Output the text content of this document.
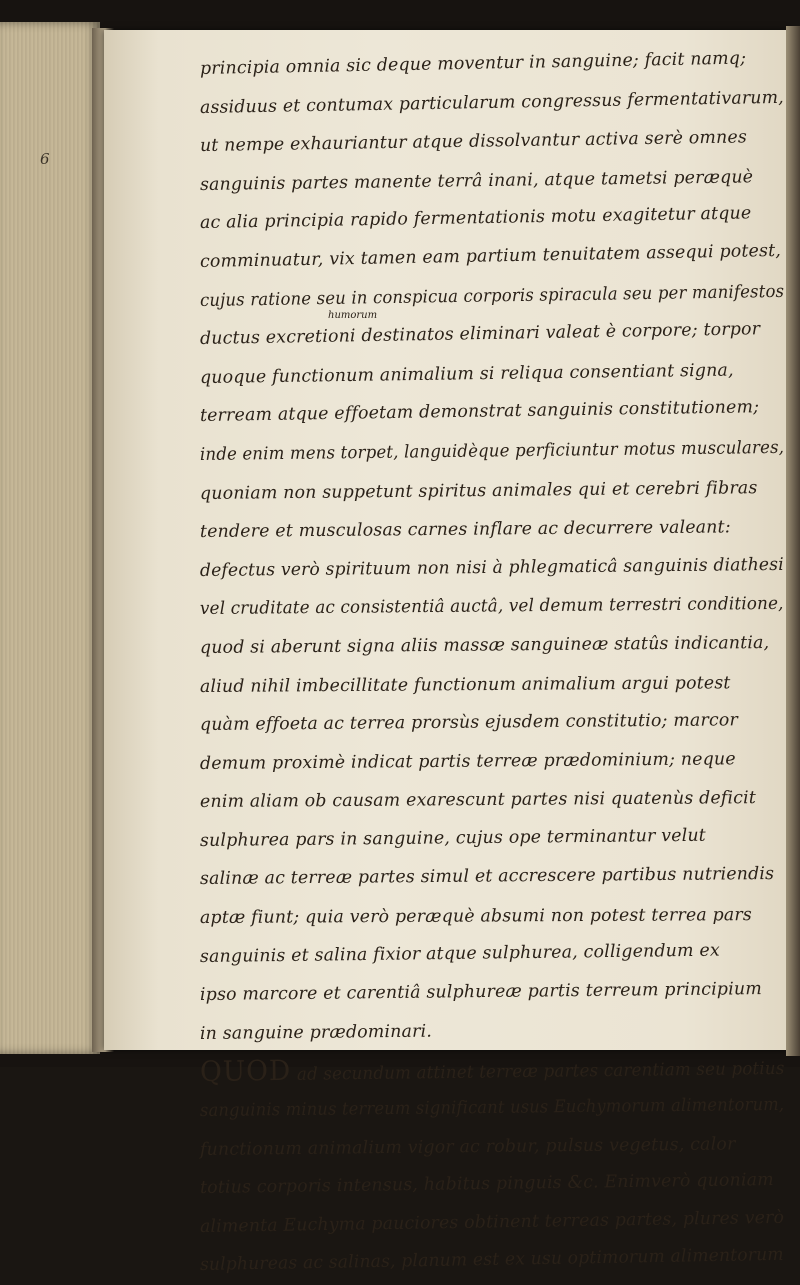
6
principia omnia sic deque moventur in sanguine; facit namq;
assiduus et contumax particularum congressus fermentativarum,
ut nempe exhauriantur atque dissolvantur activa serè omnes
sanguinis partes manente terrâ inani, atque tametsi peræquè
ac alia principia rapido fermentationis motu exagitetur atque
comminuatur, vix tamen eam partium tenuitatem assequi potest,
cujus ratione seu in conspicua corporis spiracula seu per manifestos
humorum
ductus excretioni destinatos eliminari valeat è corpore; torpor
quoque functionum animalium si reliqua consentiant signa,
terream atque effoetam demonstrat sanguinis constitutionem;
inde enim mens torpet, languidèque perficiuntur motus musculares,
quoniam non suppetunt spiritus animales qui et cerebri fibras
tendere et musculosas carnes inflare ac decurrere valeant:
defectus verò spirituum non nisi à phlegmaticâ sanguinis diathesi
vel cruditate ac consistentiâ auctâ, vel demum terrestri conditione,
quod si aberunt signa aliis massæ sanguineæ statûs indicantia,
aliud nihil imbecillitate functionum animalium argui potest
quàm effoeta ac terrea prorsùs ejusdem constitutio; marcor
demum proximè indicat partis terreæ prædominium; neque
enim aliam ob causam exarescunt partes nisi quatenùs deficit
sulphurea pars in sanguine, cujus ope terminantur velut
salinæ ac terreæ partes simul et accrescere partibus nutriendis
aptæ fiunt; quia verò peræquè absumi non potest terrea pars
sanguinis et salina fixior atque sulphurea, colligendum ex
ipso marcore et carentiâ sulphureæ partis terreum principium
in sanguine prædominari.
QUOD ad secundum attinet terreæ partes carentiam seu potius
sanguinis minus terreum significant usus Euchymorum alimentorum,
functionum animalium vigor ac robur, pulsus vegetus, calor
totius corporis intensus, habitus pinguis &c. Enimverò quoniam
alimenta Euchyma pauciores obtinent terreas partes, plures verò
sulphureas ac salinas, planum est ex usu optimorum alimentorum
